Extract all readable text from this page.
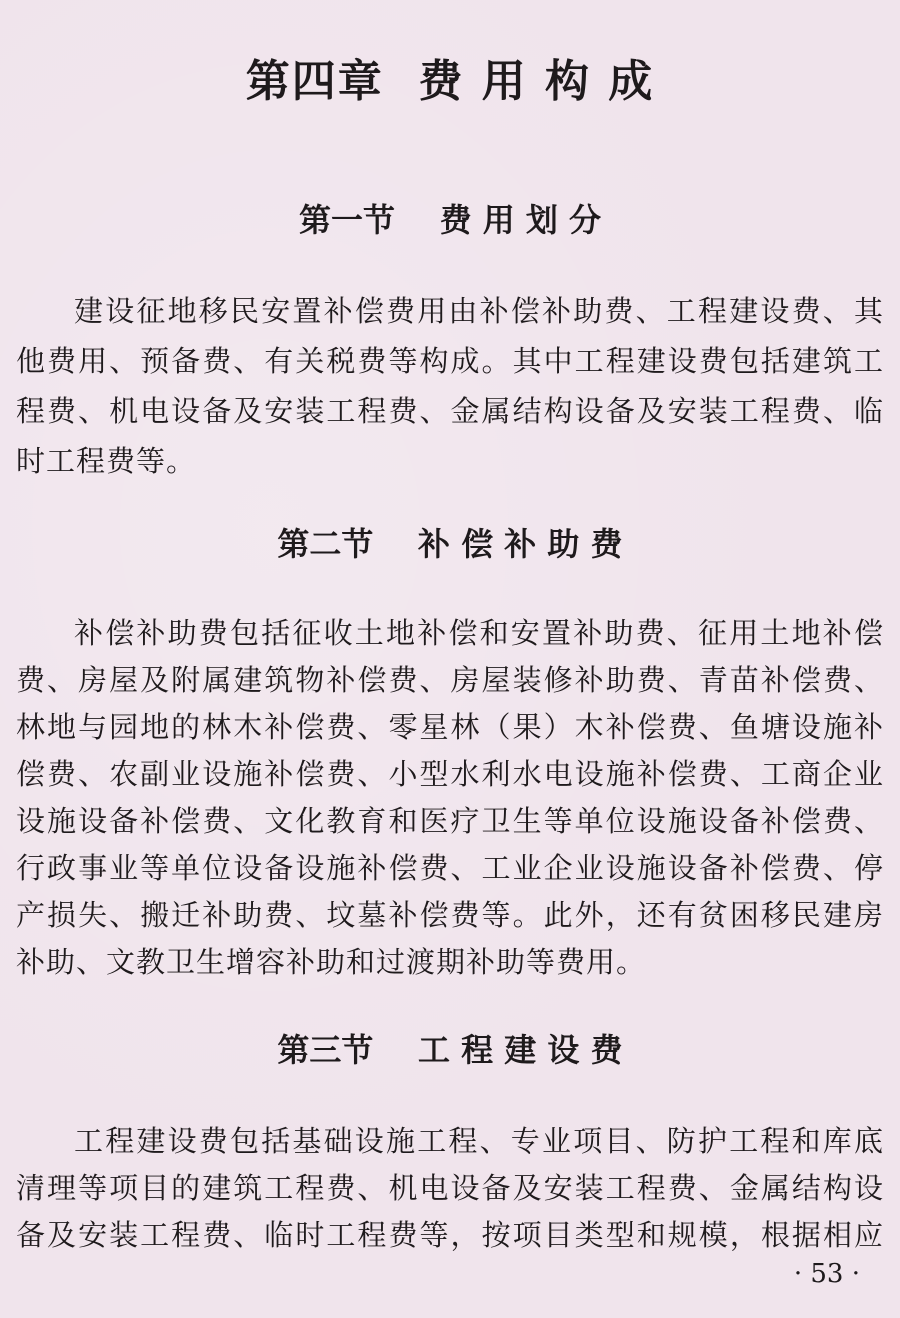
第四章  费 用 构 成
第一节    费 用 划 分
建设征地移民安置补偿费用由补偿补助费、工程建设费、其
他费用、预备费、有关税费等构成。其中工程建设费包括建筑工
程费、机电设备及安装工程费、金属结构设备及安装工程费、临
时工程费等。
第二节    补 偿 补 助 费
补偿补助费包括征收土地补偿和安置补助费、征用土地补偿
费、房屋及附属建筑物补偿费、房屋装修补助费、青苗补偿费、
林地与园地的林木补偿费、零星林（果）木补偿费、鱼塘设施补
偿费、农副业设施补偿费、小型水利水电设施补偿费、工商企业
设施设备补偿费、文化教育和医疗卫生等单位设施设备补偿费、
行政事业等单位设备设施补偿费、工业企业设施设备补偿费、停
产损失、搬迁补助费、坟墓补偿费等。此外，还有贫困移民建房
补助、文教卫生增容补助和过渡期补助等费用。
第三节    工 程 建 设 费
工程建设费包括基础设施工程、专业项目、防护工程和库底
清理等项目的建筑工程费、机电设备及安装工程费、金属结构设
备及安装工程费、临时工程费等，按项目类型和规模，根据相应
· 53 ·
